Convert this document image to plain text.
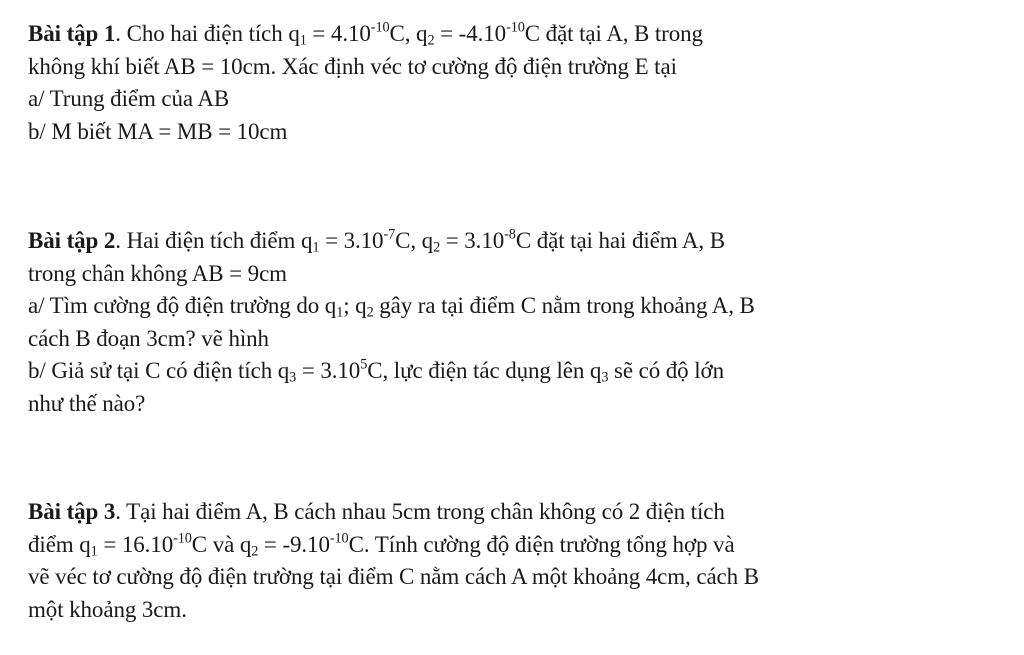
Bài tập 1. Cho hai điện tích $q_1 = 4.10^{-10}C$, $q_2 = -4.10^{-10}C$ đặt tại A, B trong
không khí biết AB = 10cm. Xác định véc tơ cường độ điện trường E tại
a/ Trung điểm của AB
b/ M biết MA = MB = 10cm
Bài tập 2. Hai điện tích điểm $q_1 = 3.10^{-7}C$, $q_2 = 3.10^{-8}C$ đặt tại hai điểm A, B
trong chân không AB = 9cm
a/ Tìm cường độ điện trường do $q_1$; $q_2$ gây ra tại điểm C nằm trong khoảng A, B
cách B đoạn 3cm? vẽ hình
b/ Giả sử tại C có điện tích $q_3 = 3.10^5C$, lực điện tác dụng lên $q_3$ sẽ có độ lớn
như thế nào?
Bài tập 3. Tại hai điểm A, B cách nhau 5cm trong chân không có 2 điện tích
điểm $q_1 = 16.10^{-10}C$ và $q_2 = -9.10^{-10}C$. Tính cường độ điện trường tổng hợp và
vẽ véc tơ cường độ điện trường tại điểm C nằm cách A một khoảng 4cm, cách B
một khoảng 3cm.
